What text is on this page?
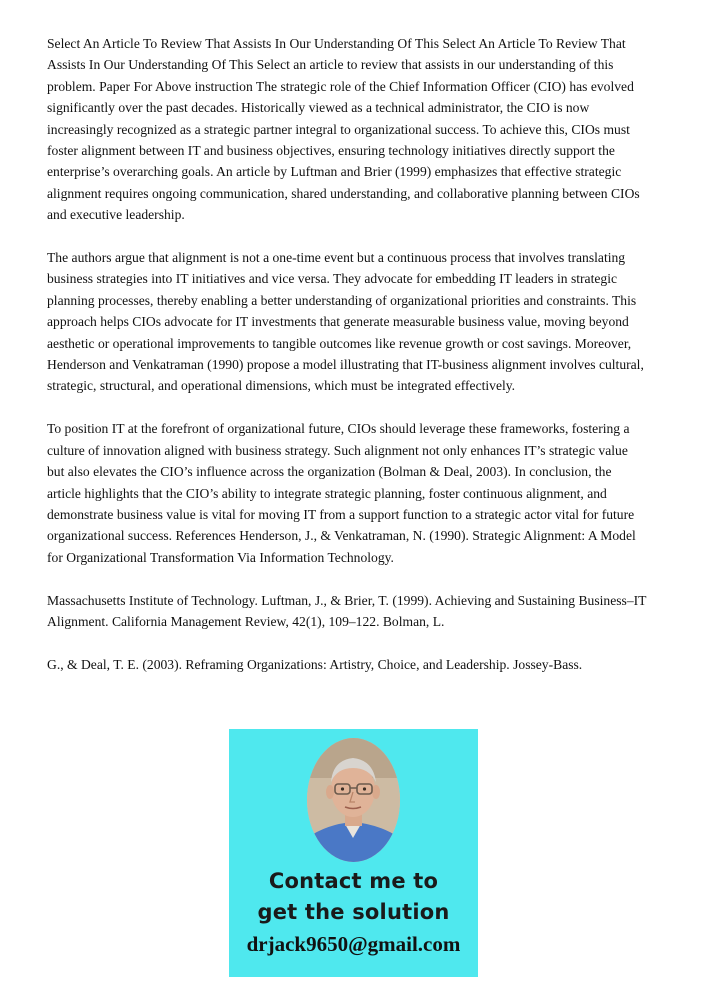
Select An Article To Review That Assists In Our Understanding Of This Select An Article To Review That Assists In Our Understanding Of This Select an article to review that assists in our understanding of this problem. Paper For Above instruction The strategic role of the Chief Information Officer (CIO) has evolved significantly over the past decades. Historically viewed as a technical administrator, the CIO is now increasingly recognized as a strategic partner integral to organizational success. To achieve this, CIOs must foster alignment between IT and business objectives, ensuring technology initiatives directly support the enterprise’s overarching goals. An article by Luftman and Brier (1999) emphasizes that effective strategic alignment requires ongoing communication, shared understanding, and collaborative planning between CIOs and executive leadership.

The authors argue that alignment is not a one-time event but a continuous process that involves translating business strategies into IT initiatives and vice versa. They advocate for embedding IT leaders in strategic planning processes, thereby enabling a better understanding of organizational priorities and constraints. This approach helps CIOs advocate for IT investments that generate measurable business value, moving beyond aesthetic or operational improvements to tangible outcomes like revenue growth or cost savings. Moreover, Henderson and Venkatraman (1990) propose a model illustrating that IT-business alignment involves cultural, strategic, structural, and operational dimensions, which must be integrated effectively.

To position IT at the forefront of organizational future, CIOs should leverage these frameworks, fostering a culture of innovation aligned with business strategy. Such alignment not only enhances IT’s strategic value but also elevates the CIO’s influence across the organization (Bolman & Deal, 2003). In conclusion, the article highlights that the CIO’s ability to integrate strategic planning, foster continuous alignment, and demonstrate business value is vital for moving IT from a support function to a strategic actor vital for future organizational success. References Henderson, J., & Venkatraman, N. (1990). Strategic Alignment: A Model for Organizational Transformation Via Information Technology.

Massachusetts Institute of Technology. Luftman, J., & Brier, T. (1999). Achieving and Sustaining Business–IT Alignment. California Management Review, 42(1), 109–122. Bolman, L.

G., & Deal, T. E. (2003). Reframing Organizations: Artistry, Choice, and Leadership. Jossey-Bass.

Contact me to
get the solution
drjack9650@gmail.com
